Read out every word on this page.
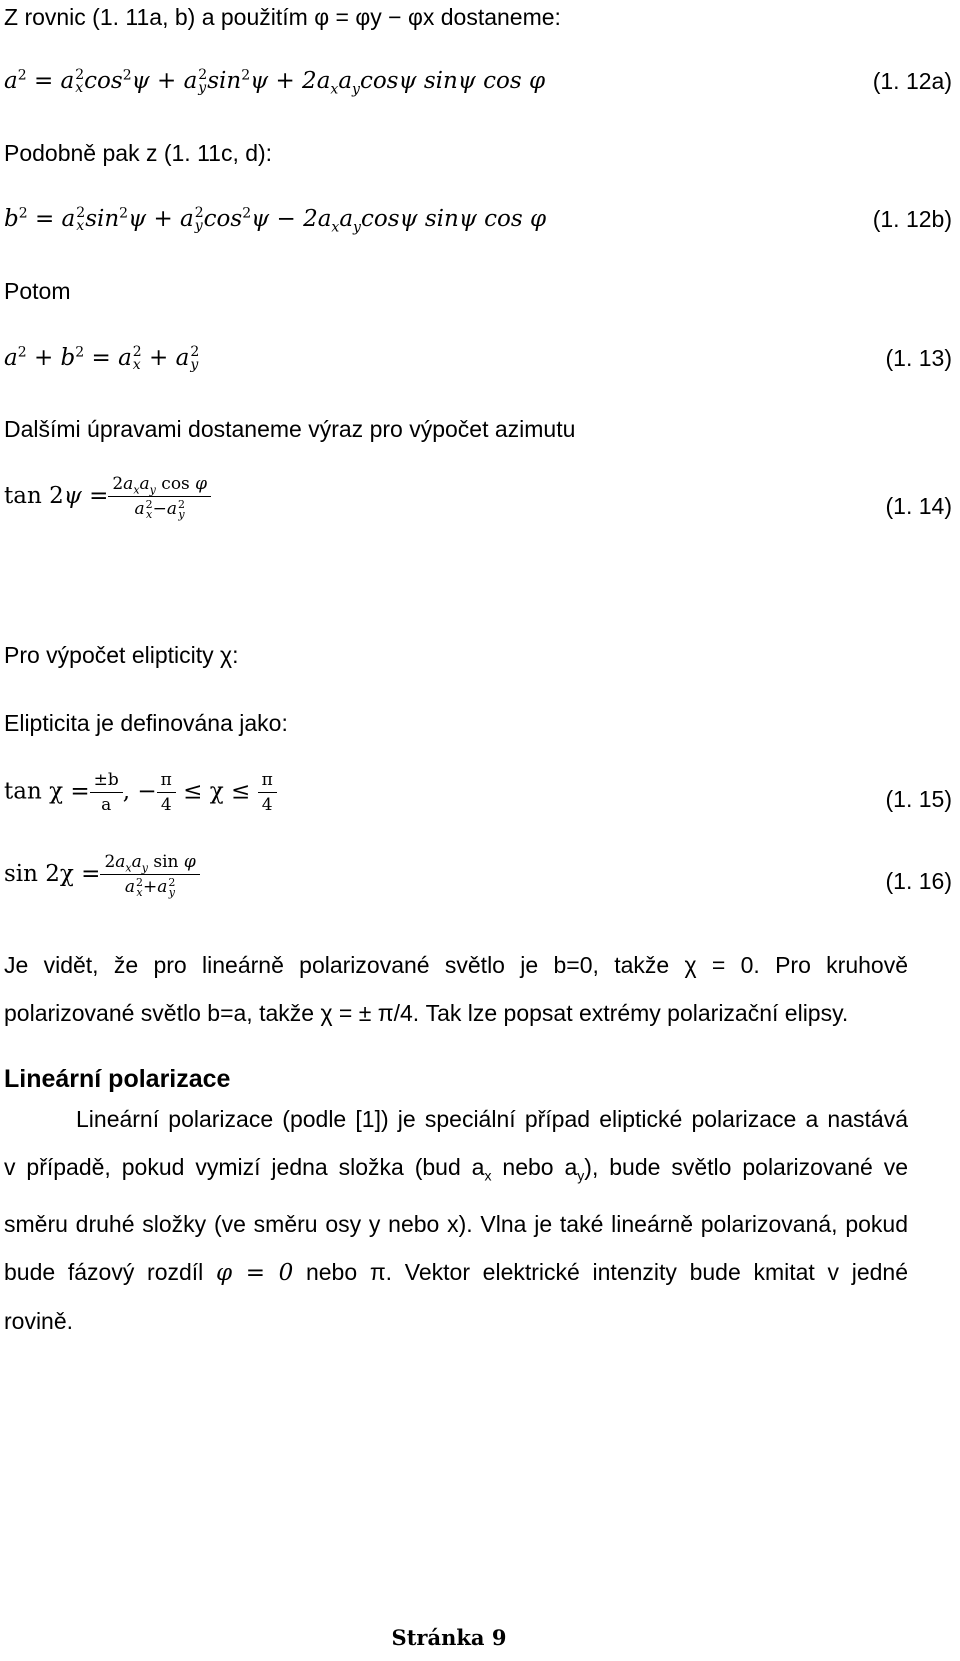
Z rovnic (1. 11a, b) a použitím φ = φy − φx dostaneme:
$a^2 = a$ 2
x $\cos^2\psi + a$ 2
y $\sin^2\psi + 2a_xa_y\cos\psi$ sinψ cos φ	(1. 12a)
Podobně pak z (1. 11c, d):
$b^2 = a$ 2
x $\sin^2\psi + a$ 2
y $\cos^2\psi - 2a_xa_y\cos\psi$ sinψ cos φ	(1. 12b)
Potom
$a^2 + b^2 = a$ 2
x + a 2
y	(1. 13)
Dalšími úpravami dostaneme výraz pro výpočet azimutu
$\tan 2\psi = 2a_xa_y$ cos φ
a 2
x −a 2
y	(1. 14)
Pro výpočet elipticity χ:
Elipticita je definována jako:
$\tan \chi = \frac{\pm b}{a}$ , − $\frac{\pi}{4} \le \chi \le \frac{\pi}{4}$	(1. 15)
$\sin 2\chi = 2a_xa_y$ sin φ
a 2
x +a 2
y	(1. 16)
Je vidět, že pro lineárně polarizované světlo je b=0, takže χ = 0. Pro kruhově
polarizované světlo b=a, takže χ = ± π/4. Tak lze popsat extrémy polarizační elipsy.
Lineární polarizace
Lineární polarizace (podle [1]) je speciální případ eliptické polarizace a nastává v případě, pokud vymizí jedna složka (bud $a_x$ nebo $a_y$), bude světlo polarizované ve směru druhé složky (ve směru osy y nebo x). Vlna je také lineárně polarizovaná, pokud bude fázový rozdíl φ = 0 nebo π. Vektor elektrické intenzity bude kmitat v jedné rovině.
Stránka 9
